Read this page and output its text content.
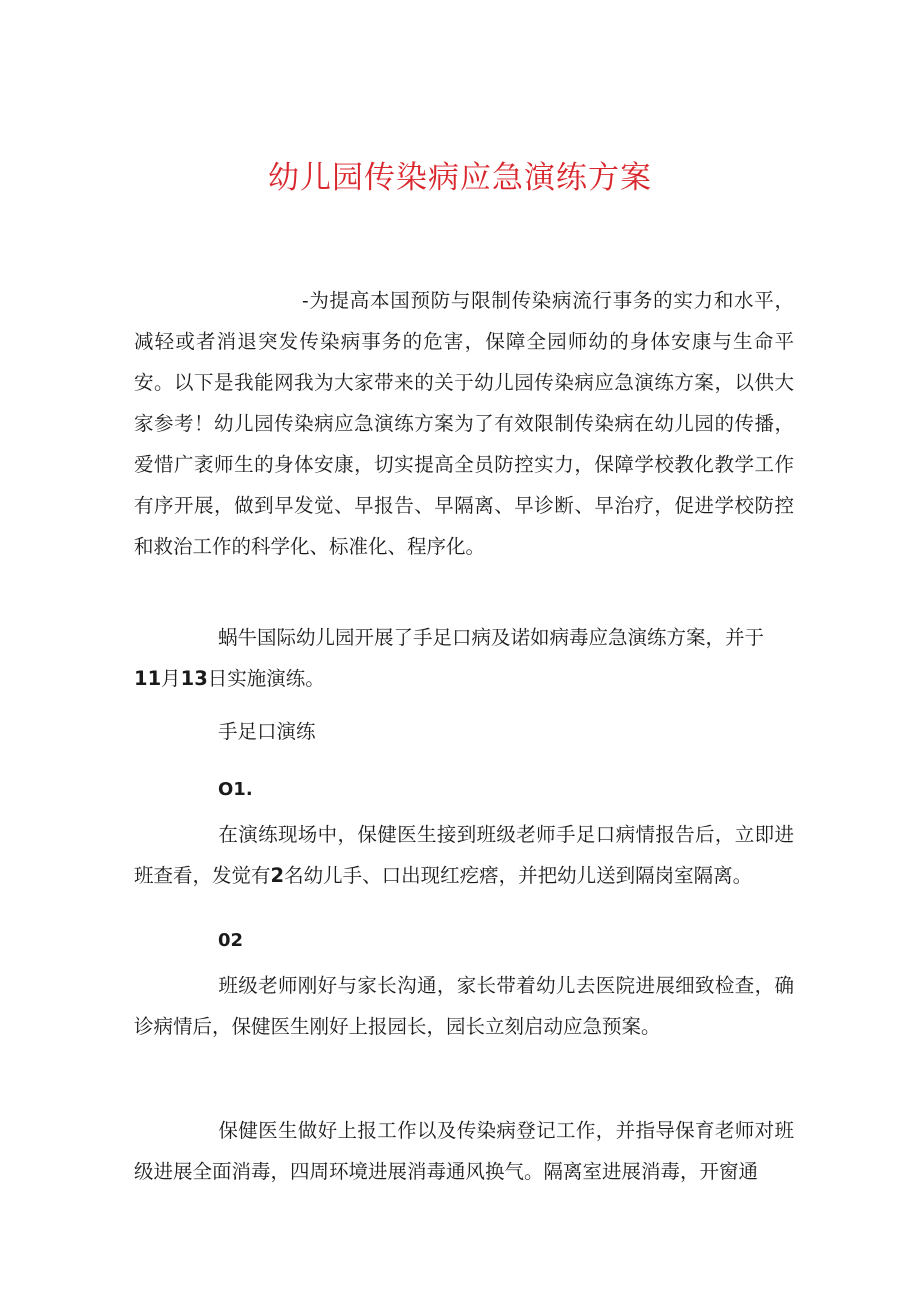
幼儿园传染病应急演练方案

-为提高本国预防与限制传染病流行事务的实力和水平，减轻或者消退突发传染病事务的危害，保障全园师幼的身体安康与生命平安。以下是我能网我为大家带来的关于幼儿园传染病应急演练方案，以供大家参考！幼儿园传染病应急演练方案为了有效限制传染病在幼儿园的传播，爱惜广袤师生的身体安康，切实提高全员防控实力，保障学校教化教学工作有序开展，做到早发觉、早报告、早隔离、早诊断、早治疗，促进学校防控和救治工作的科学化、标准化、程序化。

蜗牛国际幼儿园开展了手足口病及诺如病毒应急演练方案，并于
11月13日实施演练。

手足口演练

O1.

在演练现场中，保健医生接到班级老师手足口病情报告后，立即进班查看，发觉有2名幼儿手、口出现红疙瘩，并把幼儿送到隔岗室隔离。

02

班级老师刚好与家长沟通，家长带着幼儿去医院进展细致检查，确诊病情后，保健医生刚好上报园长，园长立刻启动应急预案。

保健医生做好上报工作以及传染病登记工作，并指导保育老师对班级进展全面消毒，四周环境进展消毒通风换气。隔离室进展消毒，开窗通
